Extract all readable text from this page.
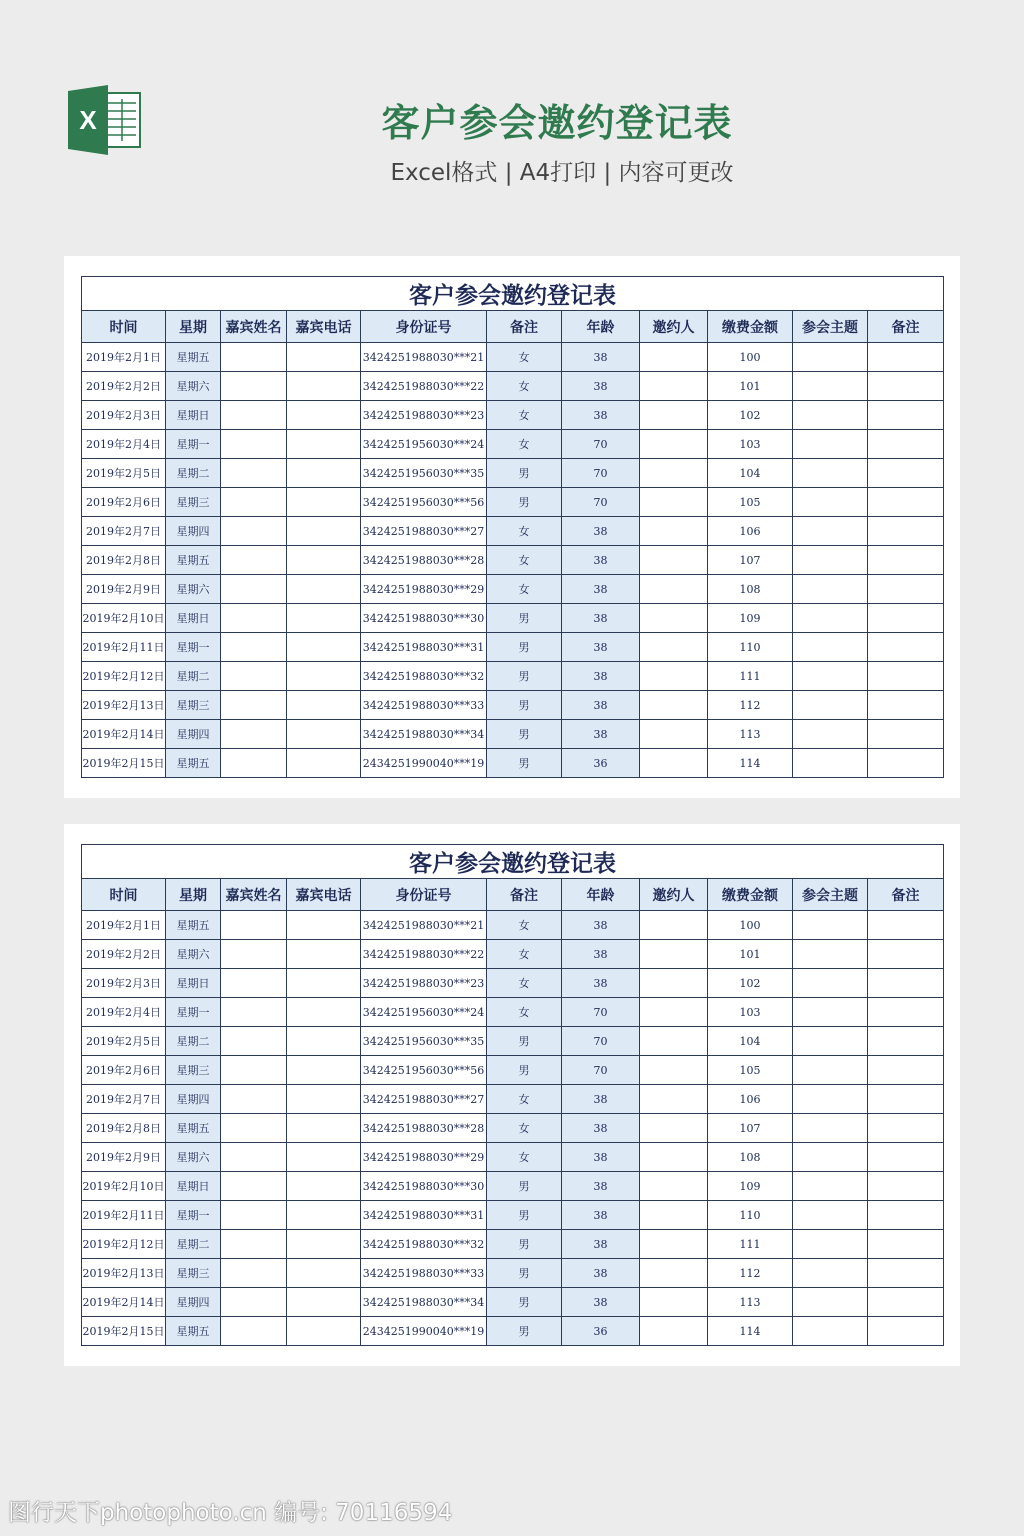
X	客户参会邀约登记表
Excel格式 | A4打印 | 内容可更改
客户参会邀约登记表										
时间	星期	嘉宾姓名	嘉宾电话	身份证号	备注	年龄	邀约人	缴费金额	参会主题	备注
2019年2月1日	星期五			3424251988030***21	女	38		100		
2019年2月2日	星期六			3424251988030***22	女	38		101		
2019年2月3日	星期日			3424251988030***23	女	38		102		
2019年2月4日	星期一			3424251956030***24	女	70		103		
2019年2月5日	星期二			3424251956030***35	男	70		104		
2019年2月6日	星期三			3424251956030***56	男	70		105		
2019年2月7日	星期四			3424251988030***27	女	38		106		
2019年2月8日	星期五			3424251988030***28	女	38		107		
2019年2月9日	星期六			3424251988030***29	女	38		108		
2019年2月10日	星期日			3424251988030***30	男	38		109		
2019年2月11日	星期一			3424251988030***31	男	38		110		
2019年2月12日	星期二			3424251988030***32	男	38		111		
2019年2月13日	星期三			3424251988030***33	男	38		112		
2019年2月14日	星期四			3424251988030***34	男	38		113		
2019年2月15日	星期五			2434251990040***19	男	36		114		
客户参会邀约登记表										
时间	星期	嘉宾姓名	嘉宾电话	身份证号	备注	年龄	邀约人	缴费金额	参会主题	备注
2019年2月1日	星期五			3424251988030***21	女	38		100		
2019年2月2日	星期六			3424251988030***22	女	38		101		
2019年2月3日	星期日			3424251988030***23	女	38		102		
2019年2月4日	星期一			3424251956030***24	女	70		103		
2019年2月5日	星期二			3424251956030***35	男	70		104		
2019年2月6日	星期三			3424251956030***56	男	70		105		
2019年2月7日	星期四			3424251988030***27	女	38		106		
2019年2月8日	星期五			3424251988030***28	女	38		107		
2019年2月9日	星期六			3424251988030***29	女	38		108		
2019年2月10日	星期日			3424251988030***30	男	38		109		
2019年2月11日	星期一			3424251988030***31	男	38		110		
2019年2月12日	星期二			3424251988030***32	男	38		111		
2019年2月13日	星期三			3424251988030***33	男	38		112		
2019年2月14日	星期四			3424251988030***34	男	38		113		
2019年2月15日	星期五			2434251990040***19	男	36		114		
图行天下photophoto.cn 编号: 70116594
